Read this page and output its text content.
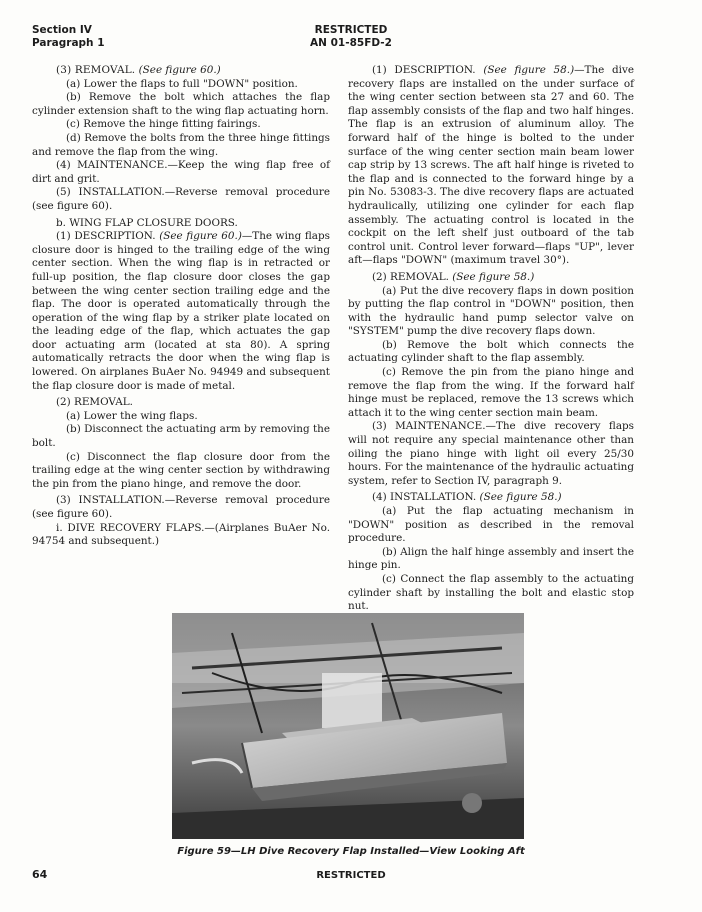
Section IV
Paragraph 1
RESTRICTED
AN 01-85FD-2

(3) REMOVAL. (See figure 60.)

(a) Lower the flaps to full "DOWN" position.

(b) Remove the bolt which attaches the flap cylinder extension shaft to the wing flap actuating horn.

(c) Remove the hinge fitting fairings.

(d) Remove the bolts from the three hinge fittings and remove the flap from the wing.

(4) MAINTENANCE.—Keep the wing flap free of dirt and grit.

(5) INSTALLATION.—Reverse removal procedure (see figure 60).

b. WING FLAP CLOSURE DOORS.

(1) DESCRIPTION. (See figure 60.)—The wing flaps closure door is hinged to the trailing edge of the wing center section. When the wing flap is in retracted or full-up position, the flap closure door closes the gap between the wing center section trailing edge and the flap. The door is operated automatically through the operation of the wing flap by a striker plate located on the leading edge of the flap, which actuates the gap door actuating arm (located at sta 80). A spring automatically retracts the door when the wing flap is lowered. On airplanes BuAer No. 94949 and subsequent the flap closure door is made of metal.

(2) REMOVAL.

(a) Lower the wing flaps.

(b) Disconnect the actuating arm by removing the bolt.

(c) Disconnect the flap closure door from the trailing edge at the wing center section by withdrawing the pin from the piano hinge, and remove the door.

(3) INSTALLATION.—Reverse removal procedure (see figure 60).

i. DIVE RECOVERY FLAPS.—(Airplanes BuAer No. 94754 and subsequent.)

(1) DESCRIPTION. (See figure 58.)—The dive recovery flaps are installed on the under surface of the wing center section between sta 27 and 60. The flap assembly consists of the flap and two half hinges. The flap is an extrusion of aluminum alloy. The forward half of the hinge is bolted to the under surface of the wing center section main beam lower cap strip by 13 screws. The aft half hinge is riveted to the flap and is connected to the forward hinge by a pin No. 53083-3. The dive recovery flaps are actuated hydraulically, utilizing one cylinder for each flap assembly. The actuating control is located in the cockpit on the left shelf just outboard of the tab control unit. Control lever forward—flaps "UP", lever aft—flaps "DOWN" (maximum travel 30°).

(2) REMOVAL. (See figure 58.)

(a) Put the dive recovery flaps in down position by putting the flap control in "DOWN" position, then with the hydraulic hand pump selector valve on "SYSTEM" pump the dive recovery flaps down.

(b) Remove the bolt which connects the actuating cylinder shaft to the flap assembly.

(c) Remove the pin from the piano hinge and remove the flap from the wing. If the forward half hinge must be replaced, remove the 13 screws which attach it to the wing center section main beam.

(3) MAINTENANCE.—The dive recovery flaps will not require any special maintenance other than oiling the piano hinge with light oil every 25/30 hours. For the maintenance of the hydraulic actuating system, refer to Section IV, paragraph 9.

(4) INSTALLATION. (See figure 58.)

(a) Put the flap actuating mechanism in "DOWN" position as described in the removal procedure.

(b) Align the half hinge assembly and insert the hinge pin.

(c) Connect the flap assembly to the actuating cylinder shaft by installing the bolt and elastic stop nut.

Figure 59—LH Dive Recovery Flap Installed—View Looking Aft
64	RESTRICTED
